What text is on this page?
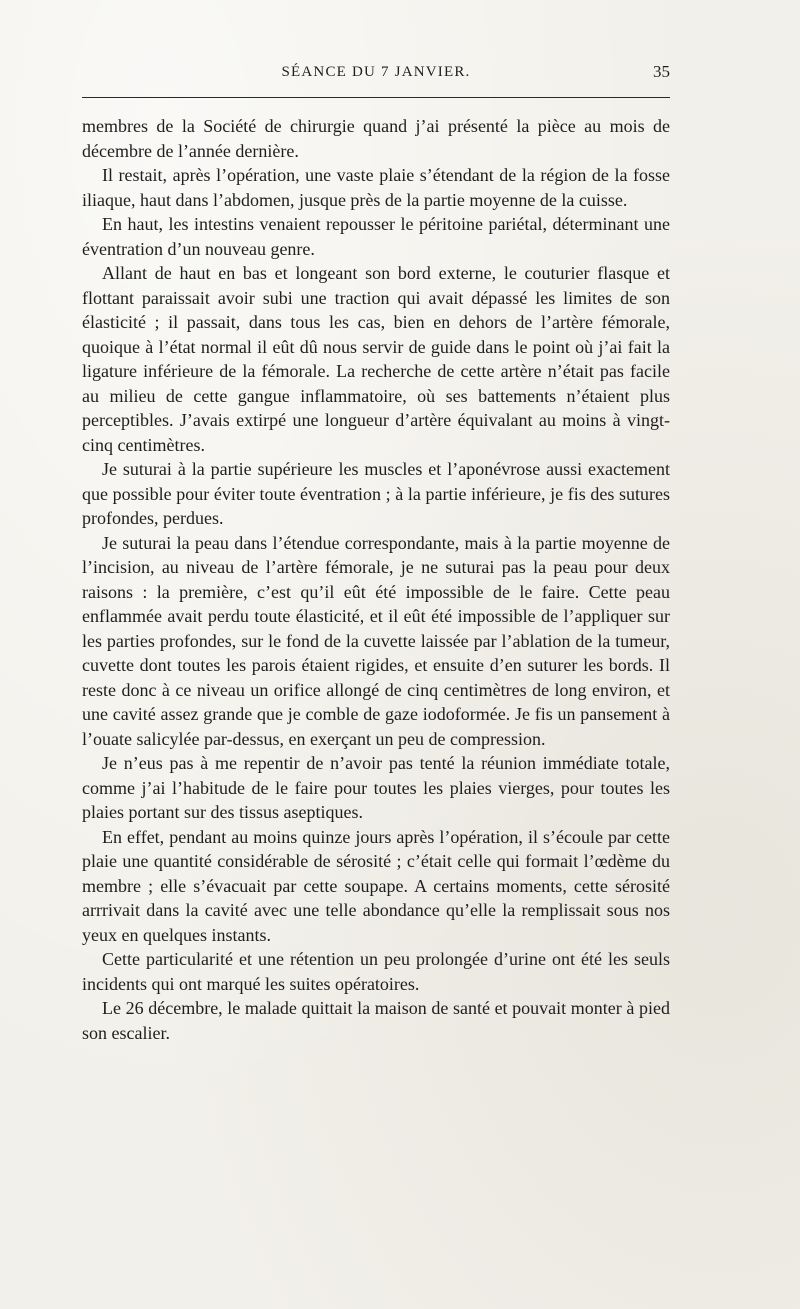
SÉANCE DU 7 JANVIER.	35

membres de la Société de chirurgie quand j’ai présenté la pièce au mois de décembre de l’année dernière.

Il restait, après l’opération, une vaste plaie s’étendant de la région de la fosse iliaque, haut dans l’abdomen, jusque près de la partie moyenne de la cuisse.

En haut, les intestins venaient repousser le péritoine pariétal, déterminant une éventration d’un nouveau genre.

Allant de haut en bas et longeant son bord externe, le couturier flasque et flottant paraissait avoir subi une traction qui avait dépassé les limites de son élasticité ; il passait, dans tous les cas, bien en dehors de l’artère fémorale, quoique à l’état normal il eût dû nous servir de guide dans le point où j’ai fait la ligature inférieure de la fémorale. La recherche de cette artère n’était pas facile au milieu de cette gangue inflammatoire, où ses battements n’étaient plus perceptibles. J’avais extirpé une longueur d’artère équivalant au moins à vingt-cinq centimètres.

Je suturai à la partie supérieure les muscles et l’aponévrose aussi exactement que possible pour éviter toute éventration ; à la partie inférieure, je fis des sutures profondes, perdues.

Je suturai la peau dans l’étendue correspondante, mais à la partie moyenne de l’incision, au niveau de l’artère fémorale, je ne suturai pas la peau pour deux raisons : la première, c’est qu’il eût été impossible de le faire. Cette peau enflammée avait perdu toute élasticité, et il eût été impossible de l’appliquer sur les parties profondes, sur le fond de la cuvette laissée par l’ablation de la tumeur, cuvette dont toutes les parois étaient rigides, et ensuite d’en suturer les bords. Il reste donc à ce niveau un orifice allongé de cinq centimètres de long environ, et une cavité assez grande que je comble de gaze iodoformée. Je fis un pansement à l’ouate salicylée par-dessus, en exerçant un peu de compression.

Je n’eus pas à me repentir de n’avoir pas tenté la réunion immédiate totale, comme j’ai l’habitude de le faire pour toutes les plaies vierges, pour toutes les plaies portant sur des tissus aseptiques.

En effet, pendant au moins quinze jours après l’opération, il s’écoule par cette plaie une quantité considérable de sérosité ; c’était celle qui formait l’œdème du membre ; elle s’évacuait par cette soupape. A certains moments, cette sérosité arrrivait dans la cavité avec une telle abondance qu’elle la remplissait sous nos yeux en quelques instants.

Cette particularité et une rétention un peu prolongée d’urine ont été les seuls incidents qui ont marqué les suites opératoires.

Le 26 décembre, le malade quittait la maison de santé et pouvait monter à pied son escalier.
